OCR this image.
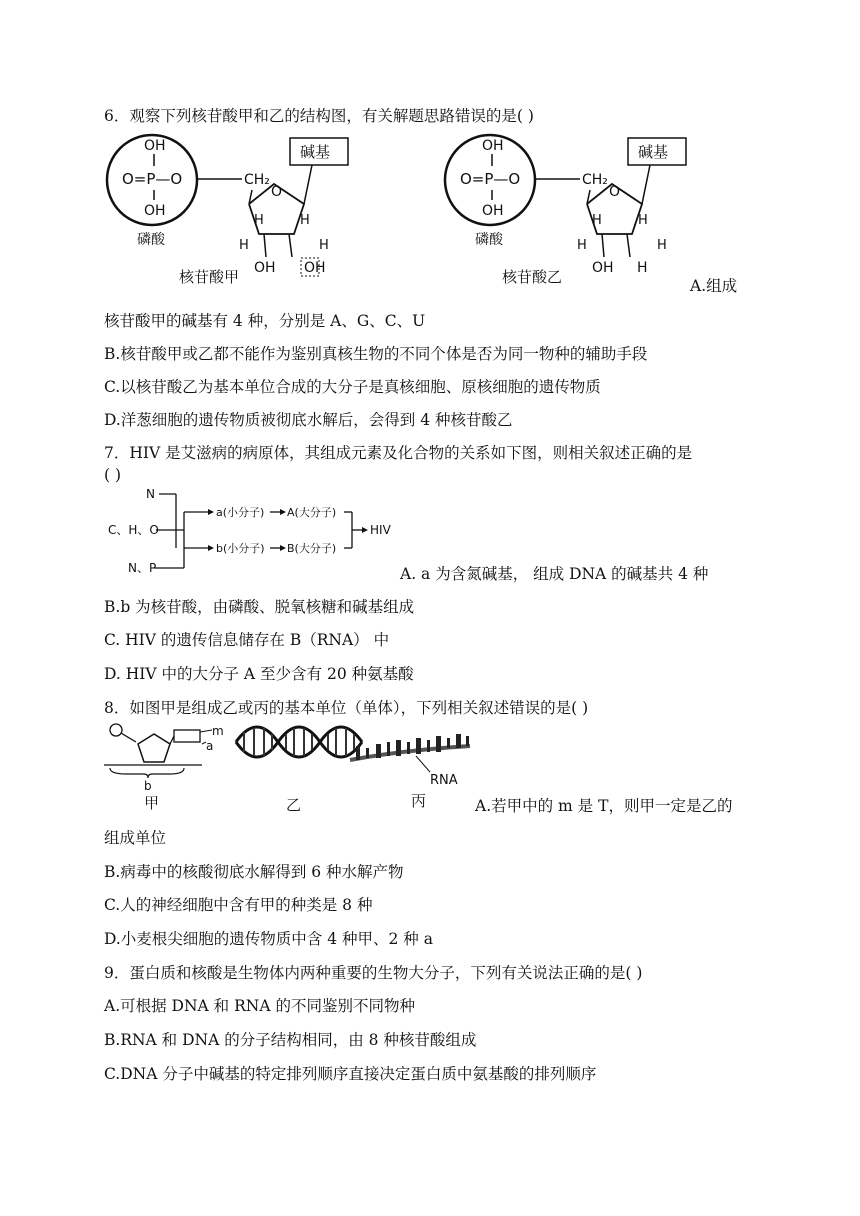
6．观察下列核苷酸甲和乙的结构图，有关解题思路错误的是( )
OH
O=P—O
OH
CH₂
磷酸
O
碱基
H	H
H	H
OH OH
核苷酸甲
OH
O=P—O
OH
CH₂
磷酸
O
碱基
H	H
H	H
OH H
核苷酸乙	A.组成
核苷酸甲的碱基有 4 种，分别是 A、G、C、U
B.核苷酸甲或乙都不能作为鉴别真核生物的不同个体是否为同一物种的辅助手段
C.以核苷酸乙为基本单位合成的大分子是真核细胞、原核细胞的遗传物质
D.洋葱细胞的遗传物质被彻底水解后，会得到 4 种核苷酸乙
7．HIV 是艾滋病的病原体，其组成元素及化合物的关系如下图，则相关叙述正确的是
( )
N
C、H、O
N、P
a(小分子) A(大分子)
b(小分子) B(大分子)
HIV
A. a 为含氮碱基， 组成 DNA 的碱基共 4 种
B.b 为核苷酸，由磷酸、脱氧核糖和碱基组成
C. HIV 的遗传信息储存在 B（RNA） 中
D. HIV 中的大分子 A 至少含有 20 种氨基酸
8．如图甲是组成乙或丙的基本单位（单体），下列相关叙述错误的是( )
m
a
b
甲	乙
RNA
丙	A.若甲中的 m 是 T，则甲一定是乙的
组成单位
B.病毒中的核酸彻底水解得到 6 种水解产物
C.人的神经细胞中含有甲的种类是 8 种
D.小麦根尖细胞的遗传物质中含 4 种甲、2 种 a
9．蛋白质和核酸是生物体内两种重要的生物大分子，下列有关说法正确的是( )
A.可根据 DNA 和 RNA 的不同鉴别不同物种
B.RNA 和 DNA 的分子结构相同，由 8 种核苷酸组成
C.DNA 分子中碱基的特定排列顺序直接决定蛋白质中氨基酸的排列顺序
